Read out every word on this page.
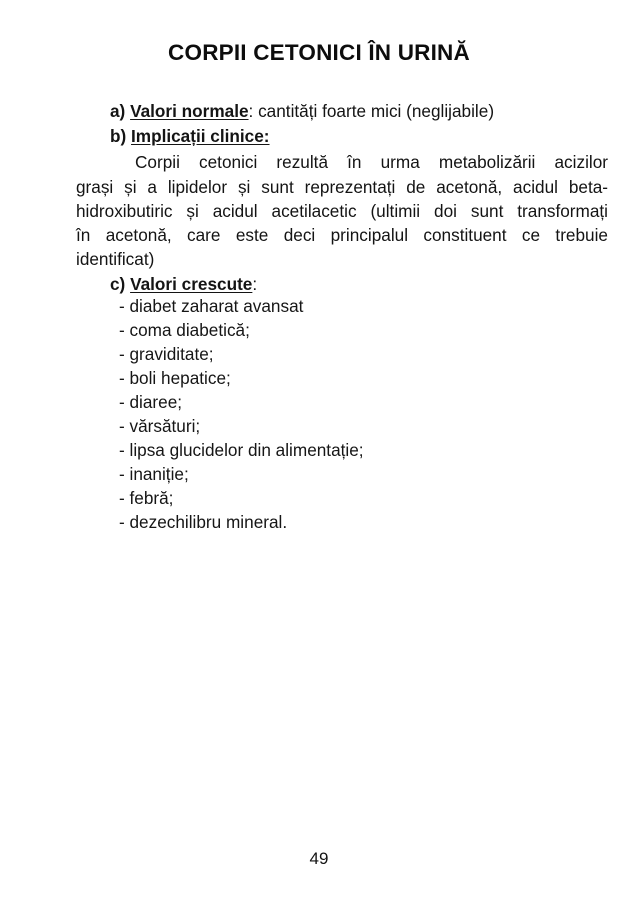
CORPII CETONICI ÎN URINĂ
a) Valori normale: cantități foarte mici (neglijabile)
b) Implicații clinice:
Corpii cetonici rezultă în urma metabolizării acizilor
grași și a lipidelor și sunt reprezentați de acetonă, acidul beta-
hidroxibutiric și acidul acetilacetic (ultimii doi sunt transformați
în acetonă, care este deci principalul constituent ce trebuie
identificat)
c) Valori crescute:
- diabet zaharat avansat
- coma diabetică;
- graviditate;
- boli hepatice;
- diaree;
- vărsături;
- lipsa glucidelor din alimentație;
- inaniție;
- febră;
- dezechilibru mineral.
49
